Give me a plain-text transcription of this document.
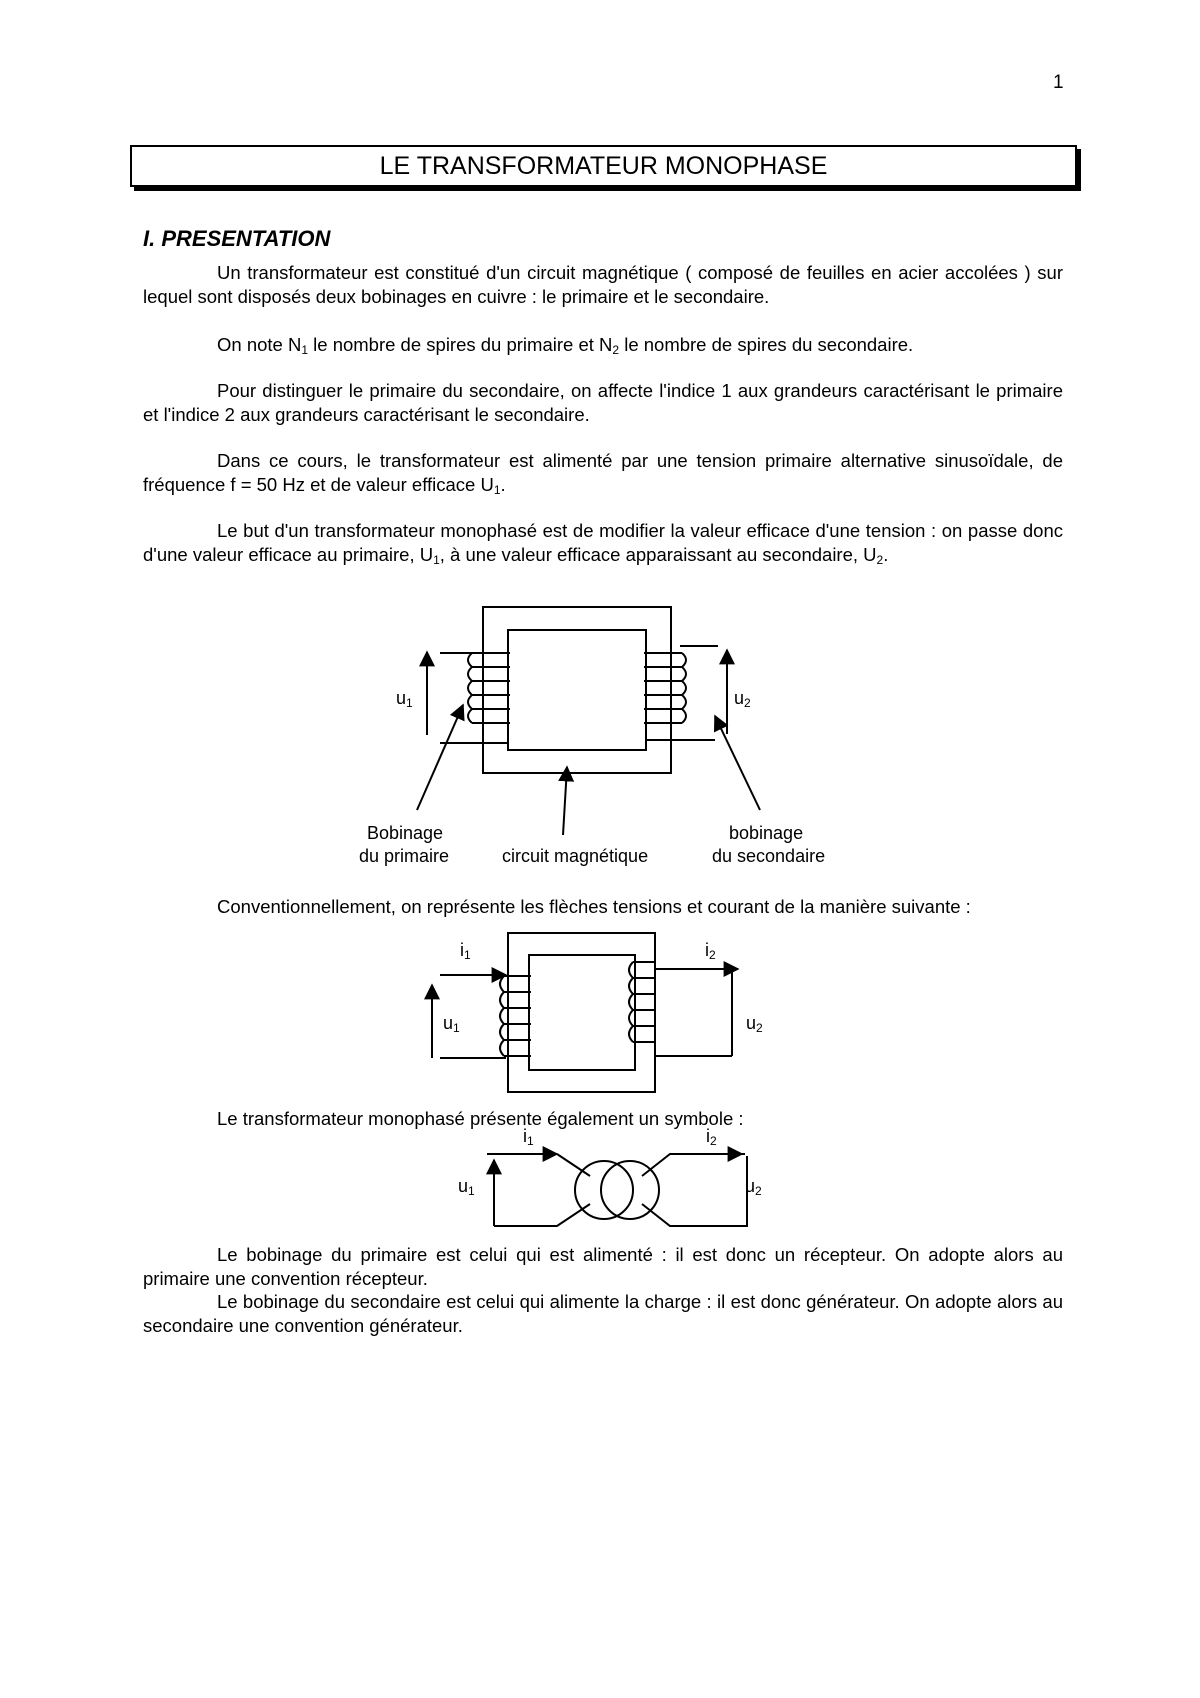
1
LE TRANSFORMATEUR MONOPHASE
I. PRESENTATION
Un transformateur est constitué d'un circuit magnétique ( composé de feuilles en acier accolées ) sur lequel sont disposés deux bobinages en cuivre : le primaire et le secondaire.
On note $N_1$ le nombre de spires du primaire et $N_2$ le nombre de spires du secondaire.
Pour distinguer le primaire du secondaire, on affecte l'indice 1 aux grandeurs caractérisant le primaire et l'indice 2 aux grandeurs caractérisant le secondaire.
Dans ce cours, le transformateur est alimenté par une tension primaire alternative sinusoïdale, de fréquence f = 50 Hz et de valeur efficace $U_1$.
Le but d'un transformateur monophasé est de modifier la valeur efficace d'une tension : on passe donc d'une valeur efficace au primaire, $U_1$, à une valeur efficace apparaissant au secondaire, $U_2$.
$u_1$	$u_2$
Bobinage
du primaire	circuit magnétique
bobinage
du secondaire
Conventionnellement, on représente les flèches tensions et courant de la manière suivante :
$i_1$	$i_2$
$u_1$	$u_2$
Le transformateur monophasé présente également un symbole :
$i_1$	$i_2$
$u_1$	$u_2$
Le bobinage du primaire est celui qui est alimenté : il est donc un récepteur. On adopte alors au primaire une convention récepteur.
Le bobinage du secondaire est celui qui alimente la charge : il est donc générateur. On adopte alors au secondaire une convention générateur.
